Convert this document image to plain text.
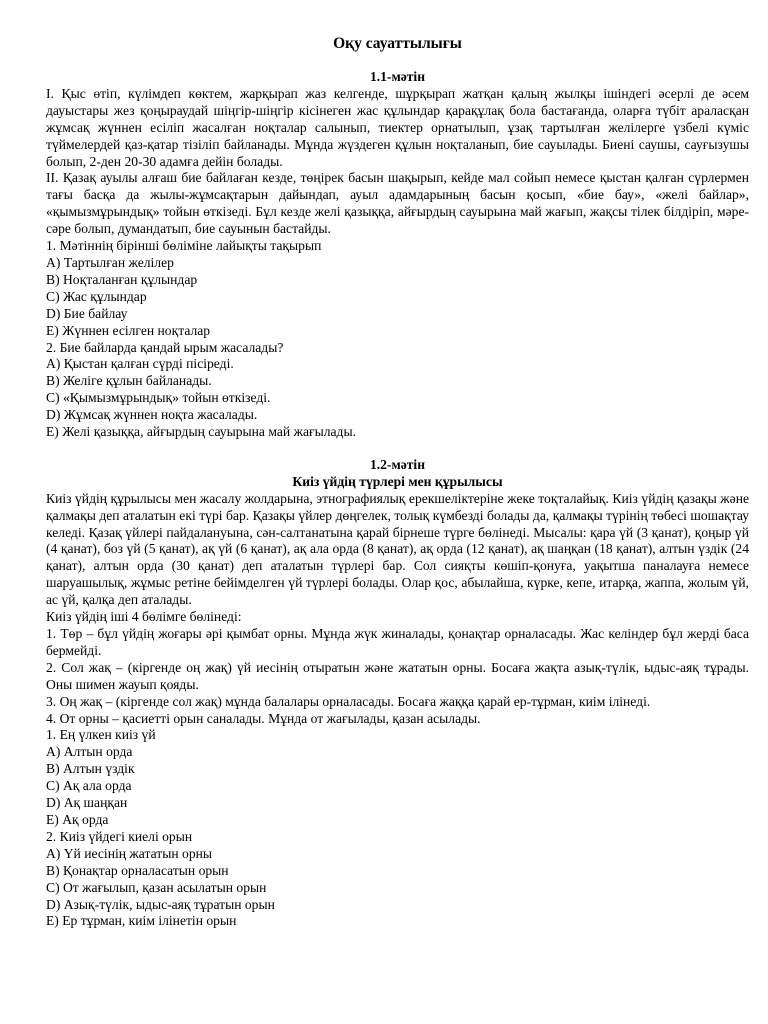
Оқу сауаттылығы
1.1-мәтін
І. Қыс өтіп, күлімдеп көктем, жарқырап жаз келгенде, шұрқырап жатқан қалың жылқы ішіндегі әсерлі де әсем дауыстары жез қоңыраудай шіңгір-шіңгір кісінеген жас құлындар қарақұлақ бола бастағанда, оларға түбіт араласқан жұмсақ жүннен есіліп жасалған ноқталар салынып, тиектер орнатылып, ұзақ тартылған желілерге үзбелі күміс түймелердей қаз-қатар тізіліп байланады. Мұнда жүздеген құлын ноқталанып, бие сауылады. Биені саушы, сауғызушы болып, 2-ден 20-30 адамға дейін болады.
ІІ. Қазақ ауылы алғаш бие байлаған кезде, төңірек басын шақырып, кейде мал сойып немесе қыстан қалған сүрлермен тағы басқа да жылы-жұмсақтарын дайындап, ауыл адамдарының басын қосып, «бие бау», «желі байлар», «қымызмұрындық» тойын өткізеді. Бұл кезде желі қазыққа, айғырдың сауырына май жағып, жақсы тілек білдіріп, мәре-сәре болып, думандатып, бие сауынын бастайды.
1. Мәтіннің бірінші бөлiміне лайықты тақырып
А) Тартылған желілер
В) Ноқталанған құлындар
С) Жас құлындар
D) Бие байлау
Е) Жүннен есілген ноқталар
2. Бие байларда қандай ырым жасалады?
А) Қыстан қалған сүрді пісіреді.
В) Желіге құлын байланады.
С) «Қымызмұрындық» тойын өткізеді.
D) Жұмсақ жүннен ноқта жасалады.
Е) Желі қазыққа, айғырдың сауырына май жағылады.
1.2-мәтін
Киіз үйдің түрлері мен құрылысы
Киіз үйдің құрылысы мен жасалу жолдарына, этнографиялық ерекшеліктеріне жеке тоқталайық. Киіз үйдің қазақы және қалмақы деп аталатын екі түрі бар. Қазақы үйлер дөңгелек, толық күмбезді болады да, қалмақы түрінің төбесі шошақтау келеді. Қазақ үйлері пайдалануына, сән-салтанатына қарай бірнеше түрге бөлінеді. Мысалы: қара үй (3 қанат), қоңыр үй (4 қанат), боз үй (5 қанат), ақ үй (6 қанат), ақ ала орда (8 қанат), ақ орда (12 қанат), ақ шаңқан (18 қанат), алтын үздік (24 қанат), алтын орда (30 қанат) деп аталатын түрлері бар. Сол сияқты көшіп-қонуға, уақытша паналауға немесе шаруашылық, жұмыс ретіне бейімделген үй түрлері болады. Олар қос, абылайша, күрке, кепе, итарқа, жаппа, жолым үй, ас үй, қалқа деп аталады.
Киіз үйдің іші 4 бөлімге бөлінеді:
1. Төр – бұл үйдің жоғары әрі қымбат орны. Мұнда жүк жиналады, қонақтар орналасады. Жас келіндер бұл жерді баса бермейді.
2. Сол жақ – (кіргенде оң жақ) үй иесінің отыратын және жататын орны. Босаға жақта азық-түлік, ыдыс-аяқ тұрады. Оны шимен жауып қояды.
3. Оң жақ – (кіргенде сол жақ) мұнда балалары орналасады. Босаға жаққа қарай ер-тұрман, киім ілінеді.
4. От орны – қасиетті орын саналады. Мұнда от жағылады, қазан асылады.
1. Ең үлкен киіз үй
А) Алтын орда
В) Алтын үздік
С) Ақ ала орда
D) Ақ шаңқан
Е) Ақ орда
2. Киіз үйдегі киелі орын
А) Үй иесінің жататын орны
В) Қонақтар орналасатын орын
С) От жағылып, қазан асылатын орын
D) Азық-түлік, ыдыс-аяқ тұратын орын
Е) Ер тұрман, киім ілінетін орын
